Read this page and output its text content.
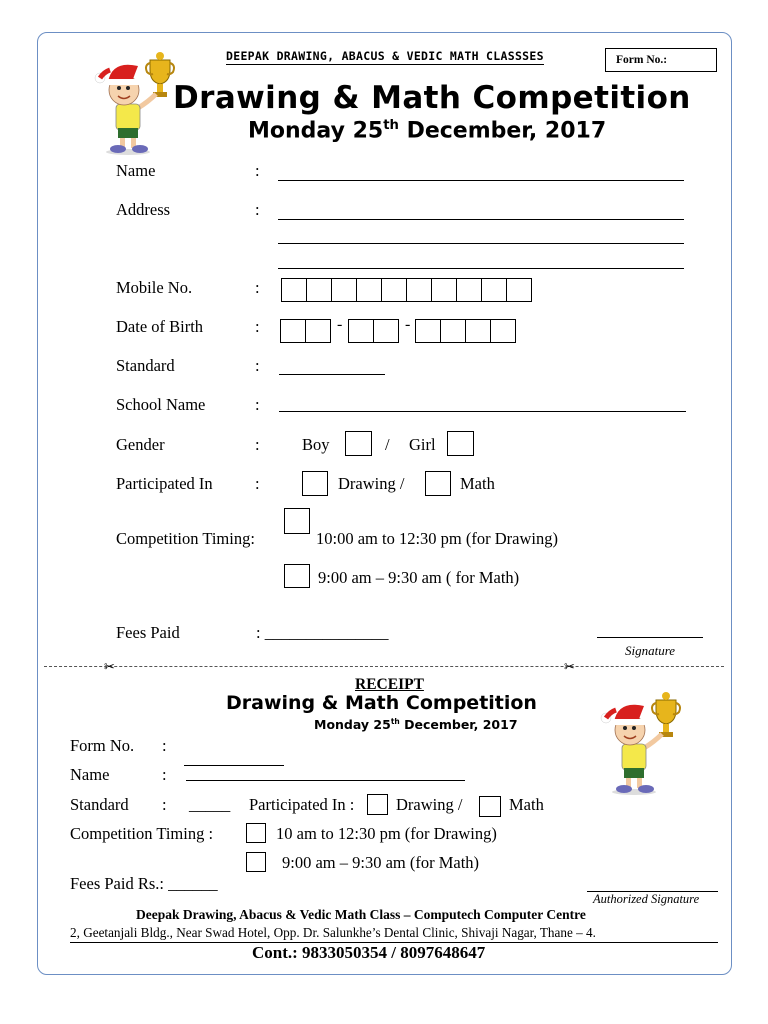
DEEPAK DRAWING, ABACUS & VEDIC MATH CLASSSES	Form No.:
Drawing & Math Competition
Monday 25th December, 2017
Name	:
Address	:
Mobile No.	:
Date of Birth	:	-	-
Standard	:
School Name	:
Gender	:	Boy	/ Girl
Participated In	:	Drawing /	Math
Competition Timing:	10:00 am to 12:30 pm (for Drawing)
9:00 am – 9:30 am ( for Math)
Fees Paid	: _______________
Signature
✂	✂
RECEIPT
Drawing & Math Competition
Monday 25th December, 2017
Form No. :
Name	:
Standard : _____ Participated In :	Drawing /	Math
Competition Timing :	10 am to 12:30 pm (for Drawing)
9:00 am – 9:30 am (for Math)
Fees Paid Rs.: ______
Authorized Signature
Deepak Drawing, Abacus & Vedic Math Class – Computech Computer Centre
2, Geetanjali Bldg., Near Swad Hotel, Opp. Dr. Salunkhe’s Dental Clinic, Shivaji Nagar, Thane – 4.
Cont.: 9833050354 / 8097648647
